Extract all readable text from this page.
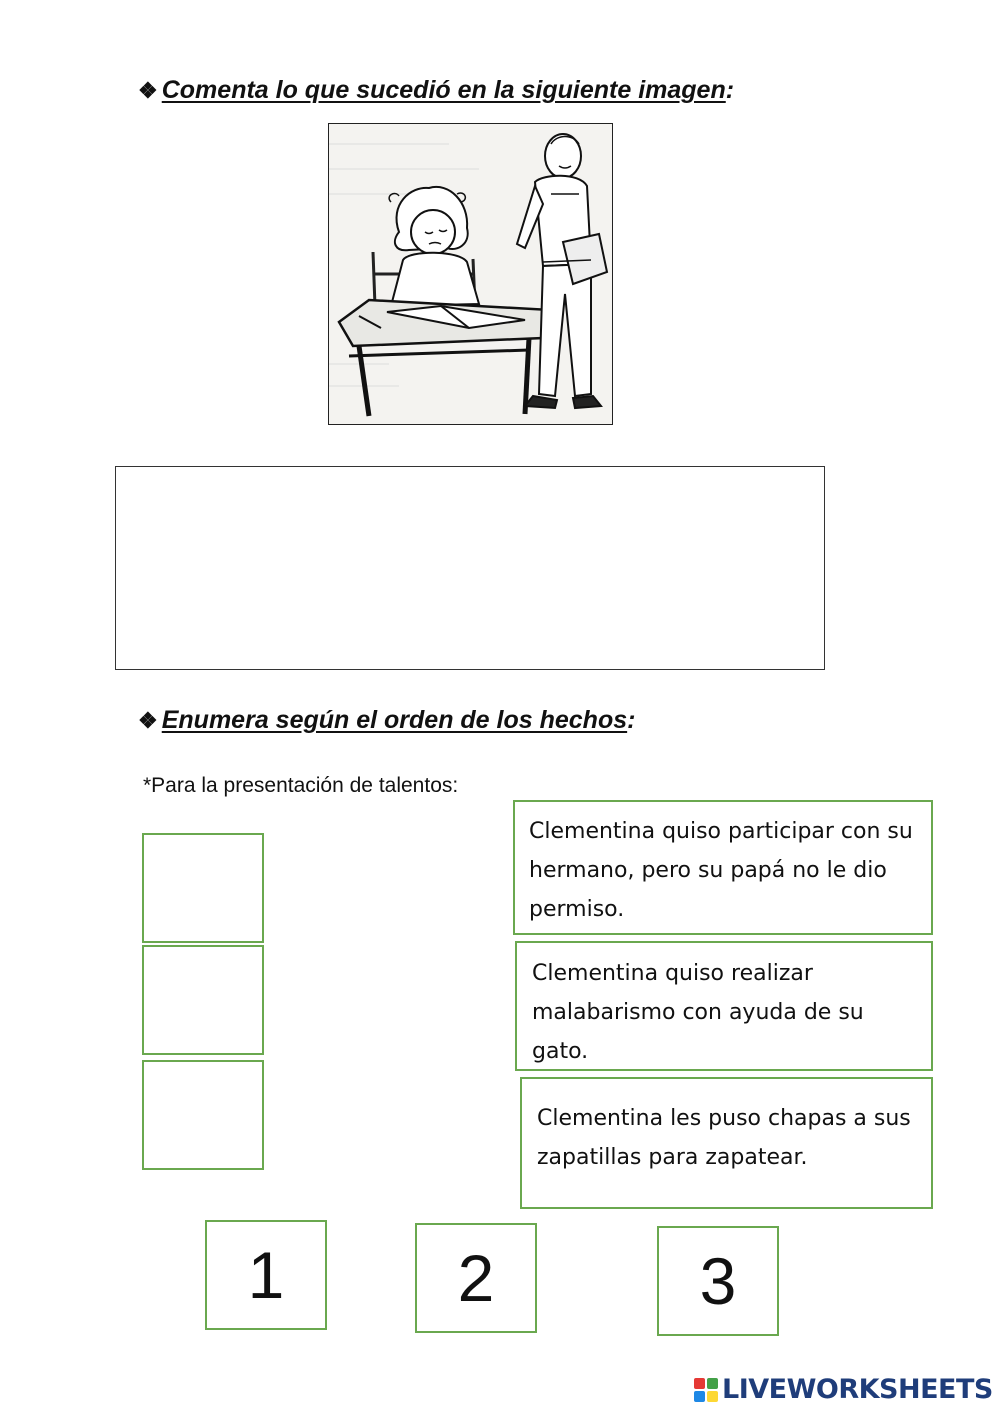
❖ Comenta lo que sucedió en la siguiente imagen:
❖ Enumera según el orden de los hechos:
*Para la presentación de talentos:
Clementina quiso participar con su hermano, pero su papá no le dio permiso.
Clementina quiso realizar malabarismo con ayuda de su gato.
Clementina les puso chapas a sus zapatillas para zapatear.
1	2	3
LIVEWORKSHEETS
